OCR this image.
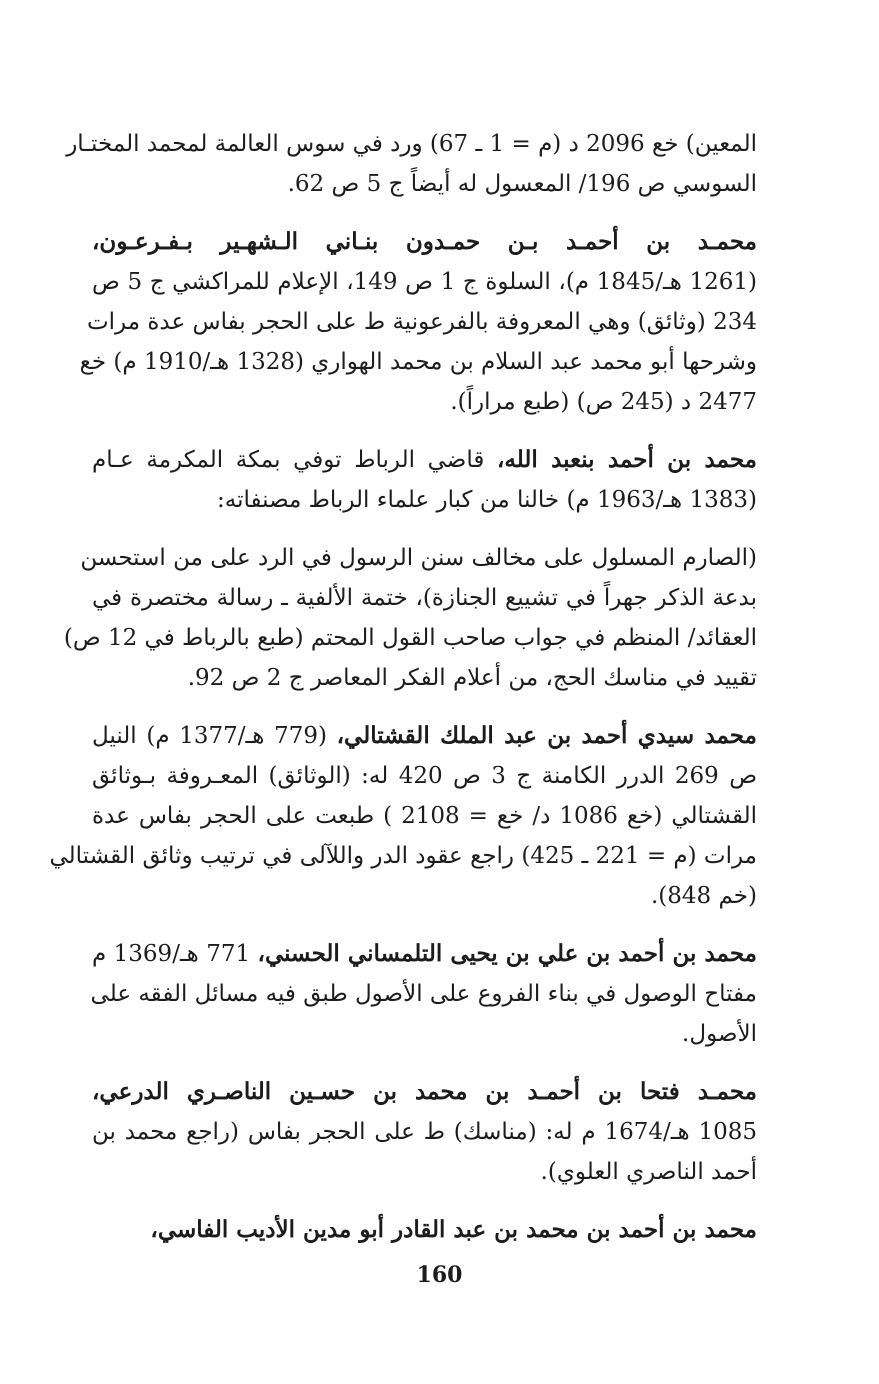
المعين) خع 2096 د (م = 1 ـ 67) ورد في سوس العالمة لمحمد المختـار
السوسي ص 196/ المعسول له أيضاً ج 5 ص 62.
محمـد بن أحمـد بـن حمـدون بنـاني الـشهـير بـفـرعـون،
(1261 هـ/1845 م)، السلوة ج 1 ص 149، الإعلام للمراكشي ج 5 ص
234 (وثائق) وهي المعروفة بالفرعونية ط على الحجر بفاس عدة مرات
وشرحها أبو محمد عبد السلام بن محمد الهواري (1328 هـ/1910 م) خع
2477 د (245 ص) (طبع مراراً).
محمد بن أحمد بنعبد الله، قاضي الرباط توفي بمكة المكرمة عـام
(1383 هـ/1963 م) خالنا من كبار علماء الرباط مصنفاته:
(الصارم المسلول على مخالف سنن الرسول في الرد على من استحسن
بدعة الذكر جهراً في تشييع الجنازة)، ختمة الألفية ـ رسالة مختصرة في
العقائد/ المنظم في جواب صاحب القول المحتم (طبع بالرباط في 12 ص)
تقييد في مناسك الحج، من أعلام الفكر المعاصر ج 2 ص 92.
محمد سيدي أحمد بن عبد الملك القشتالي، (779 هـ/1377 م) النيل
ص 269 الدرر الكامنة ج 3 ص 420 له: (الوثائق) المعـروفة بـوثائق
القشتالي (خع 1086 د/ خع = 2108 ) طبعت على الحجر بفاس عدة
مرات (م = 221 ـ 425) راجع عقود الدر واللآلى في ترتيب وثائق القشتالي
(خم 848).
محمد بن أحمد بن علي بن يحيى التلمساني الحسني، 771 هـ/1369 م
مفتاح الوصول في بناء الفروع على الأصول طبق فيه مسائل الفقه على
الأصول.
محمـد فتحا بن أحمـد بن محمد بن حسـين الناصـري الدرعي،
1085 هـ/1674 م له: (مناسك) ط على الحجر بفاس (راجع محمد بن
أحمد الناصري العلوي).
محمد بن أحمد بن محمد بن عبد القادر أبو مدين الأديب الفاسي،
160
